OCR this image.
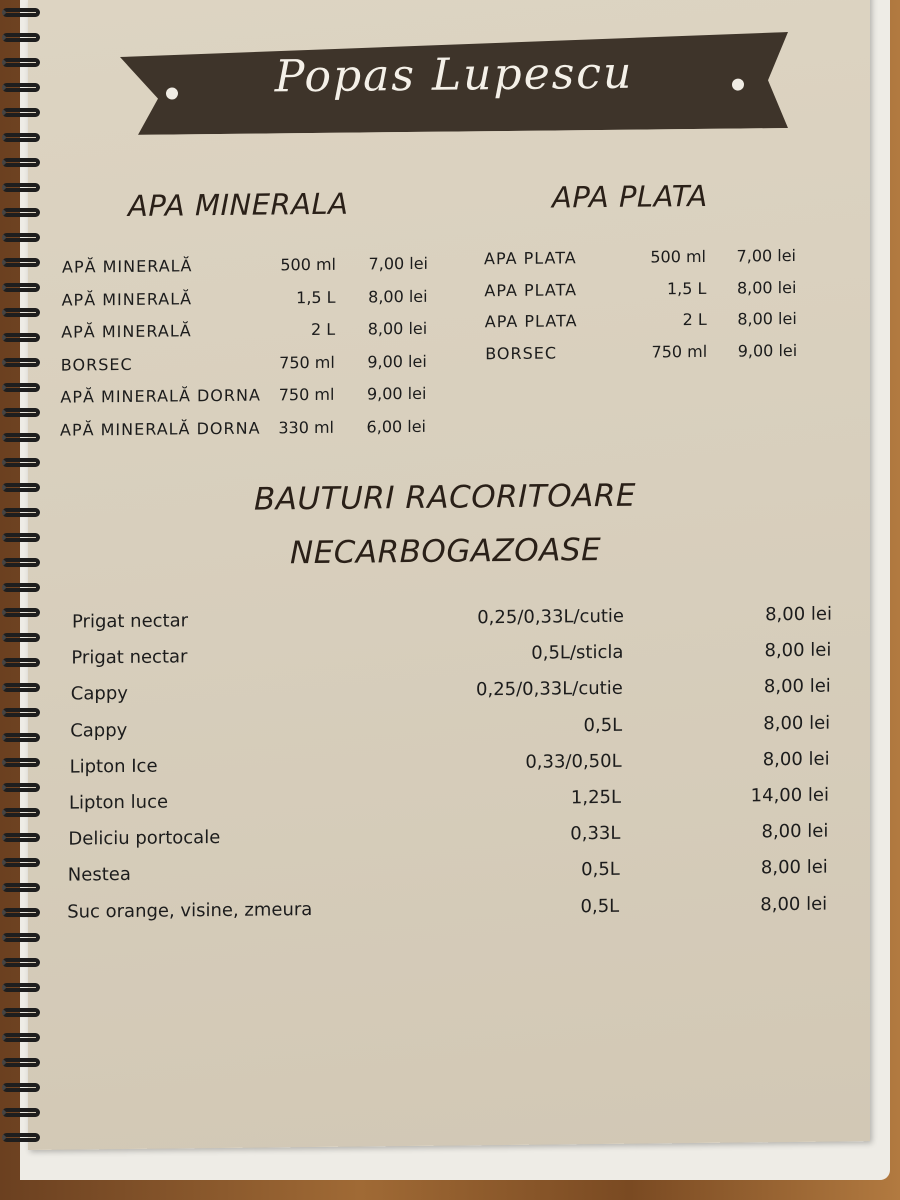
Popas Lupescu
APA MINERALA	APA PLATA
APĂ MINERALĂ	500 ml 7,00 lei
APĂ MINERALĂ	1,5 L 8,00 lei
APĂ MINERALĂ	2 L 8,00 lei
BORSEC	750 ml 9,00 lei
APĂ MINERALĂ DORNA 750 ml 9,00 lei
APĂ MINERALĂ DORNA 330 ml 6,00 lei
APA PLATA	500 ml 7,00 lei
APA PLATA	1,5 L 8,00 lei
APA PLATA	2 L 8,00 lei
BORSEC	750 ml 9,00 lei
BAUTURI RACORITOARE
NECARBOGAZOASE
Prigat nectar	0,25/0,33L/cutie	8,00 lei
Prigat nectar	0,5L/sticla	8,00 lei
Cappy	0,25/0,33L/cutie	8,00 lei
Cappy	0,5L	8,00 lei
Lipton Ice	0,33/0,50L	8,00 lei
Lipton luce	1,25L	14,00 lei
Deliciu portocale	0,33L	8,00 lei
Nestea	0,5L	8,00 lei
Suc orange, visine, zmeura	0,5L	8,00 lei
